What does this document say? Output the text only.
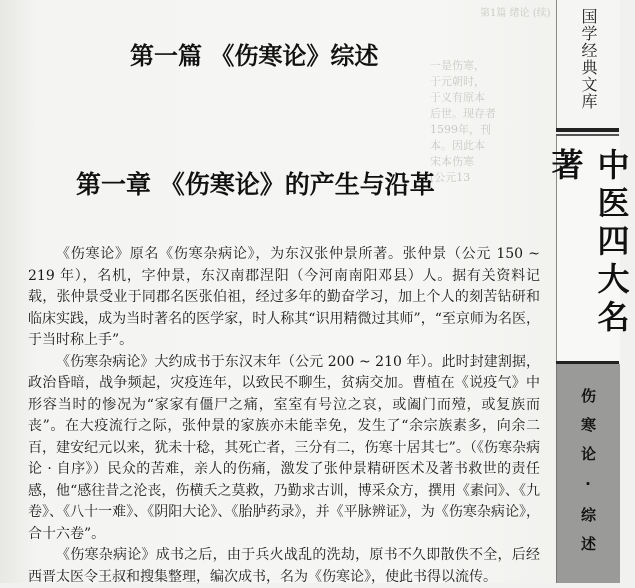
第1篇 绪论 (续)

一是伤寒，

于元朝时，

于义有原本

后世。现存者

1599年，刊

本。因此本

宋本伤寒

(公元13

第一篇 《伤寒论》综述
第一章 《伤寒论》的产生与沿革

《伤寒论》原名《伤寒杂病论》，为东汉张仲景所著。张仲景（公元 150 ~ 219 年），名机，字仲景，东汉南郡涅阳（今河南南阳邓县）人。据有关资料记载，张仲景受业于同郡名医张伯祖，经过多年的勤奋学习，加上个人的刻苦钻研和临床实践，成为当时著名的医学家，时人称其“识用精微过其师”，“至京师为名医，于当时称上手”。

《伤寒杂病论》大约成书于东汉末年（公元 200 ~ 210 年）。此时封建割据，政治昏暗，战争频起，灾疫连年，以致民不聊生，贫病交加。曹植在《说疫气》中形容当时的惨况为“家家有僵尸之痛，室室有号泣之哀，或阖门而殪，或复族而丧”。在大疫流行之际，张仲景的家族亦未能幸免，发生了“余宗族素多，向余二百，建安纪元以来，犹未十稔，其死亡者，三分有二，伤寒十居其七”。（《伤寒杂病论 · 自序》）民众的苦难，亲人的伤痛，激发了张仲景精研医术及著书救世的责任感，他“感往昔之沦丧，伤横夭之莫救，乃勤求古训，博采众方，撰用《素问》、《九卷》、《八十一难》、《阴阳大论》、《胎胪药录》，并《平脉辨证》，为《伤寒杂病论》，合十六卷”。

《伤寒杂病论》成书之后，由于兵火战乱的洗劫，原书不久即散佚不全，后经西晋太医令王叔和搜集整理，编次成书，名为《伤寒论》，使此书得以流传。

国学经典文库
中医四大名著
伤寒论·综述
